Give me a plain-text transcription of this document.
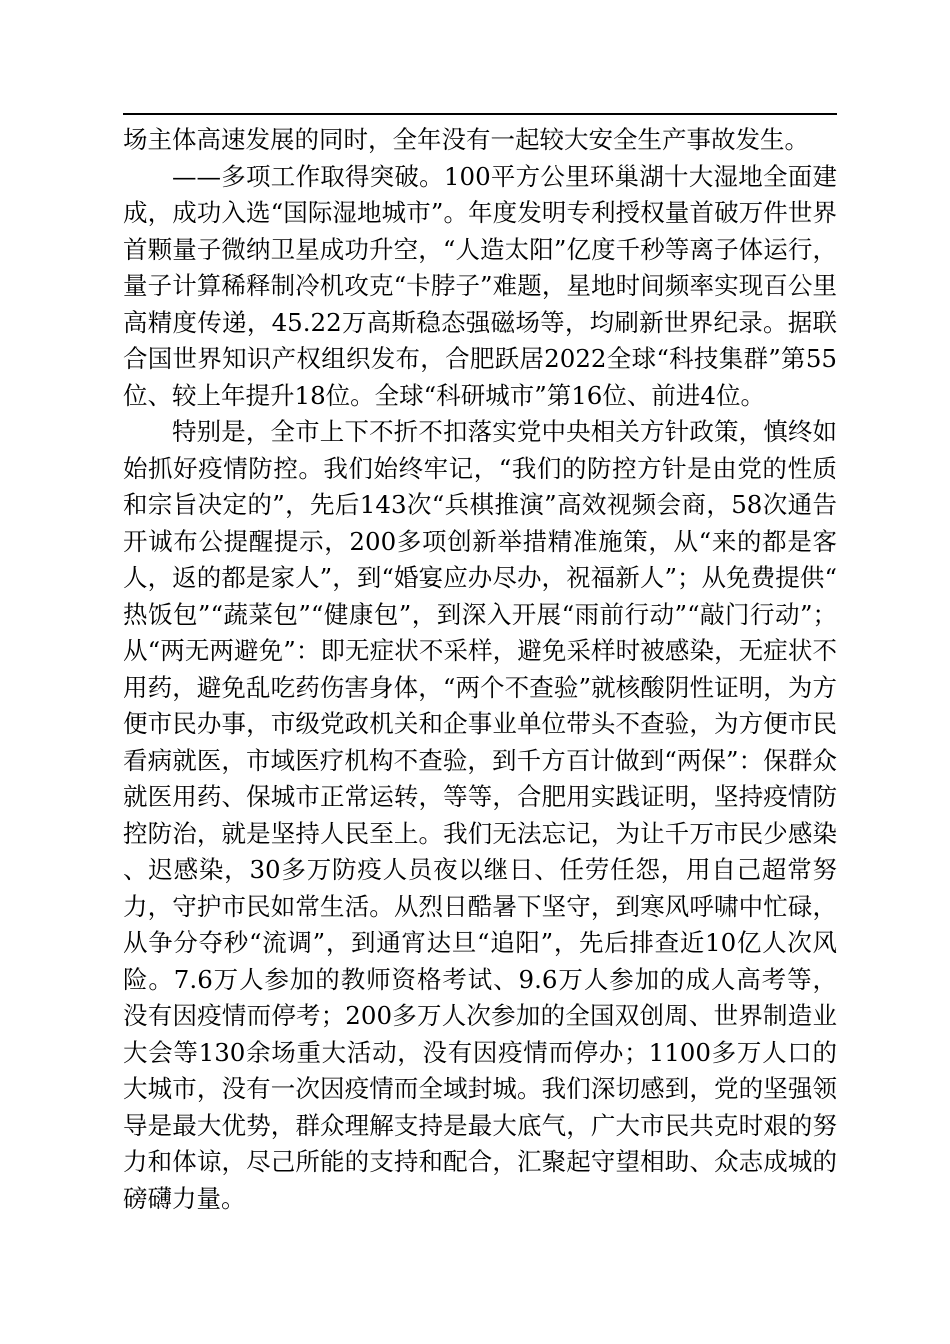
场主体高速发展的同时，全年没有一起较大安全生产事故发生。

——多项工作取得突破。100平方公里环巢湖十大湿地全面建成，成功入选“国际湿地城市”。年度发明专利授权量首破万件世界首颗量子微纳卫星成功升空，“人造太阳”亿度千秒等离子体运行，量子计算稀释制冷机攻克“卡脖子”难题，星地时间频率实现百公里高精度传递，45.22万高斯稳态强磁场等，均刷新世界纪录。据联合国世界知识产权组织发布，合肥跃居2022全球“科技集群”第55位、较上年提升18位。全球“科研城市”第16位、前进4位。

特别是，全市上下不折不扣落实党中央相关方针政策，慎终如始抓好疫情防控。我们始终牢记，“我们的防控方针是由党的性质和宗旨决定的”，先后143次“兵棋推演”高效视频会商，58次通告开诚布公提醒提示，200多项创新举措精准施策，从“来的都是客人，返的都是家人”，到“婚宴应办尽办，祝福新人”；从免费提供“热饭包”“蔬菜包”“健康包”，到深入开展“雨前行动”“敲门行动”；从“两无两避免”：即无症状不采样，避免采样时被感染，无症状不用药，避免乱吃药伤害身体，“两个不查验”就核酸阴性证明，为方便市民办事，市级党政机关和企事业单位带头不查验，为方便市民看病就医，市域医疗机构不查验，到千方百计做到“两保”：保群众就医用药、保城市正常运转，等等，合肥用实践证明，坚持疫情防控防治，就是坚持人民至上。我们无法忘记，为让千万市民少感染、迟感染，30多万防疫人员夜以继日、任劳任怨，用自己超常努力，守护市民如常生活。从烈日酷暑下坚守，到寒风呼啸中忙碌，从争分夺秒“流调”，到通宵达旦“追阳”，先后排查近10亿人次风险。7.6万人参加的教师资格考试、9.6万人参加的成人高考等，没有因疫情而停考；200多万人次参加的全国双创周、世界制造业大会等130余场重大活动，没有因疫情而停办；1100多万人口的大城市，没有一次因疫情而全域封城。我们深切感到，党的坚强领导是最大优势，群众理解支持是最大底气，广大市民共克时艰的努力和体谅，尽己所能的支持和配合，汇聚起守望相助、众志成城的磅礴力量。
